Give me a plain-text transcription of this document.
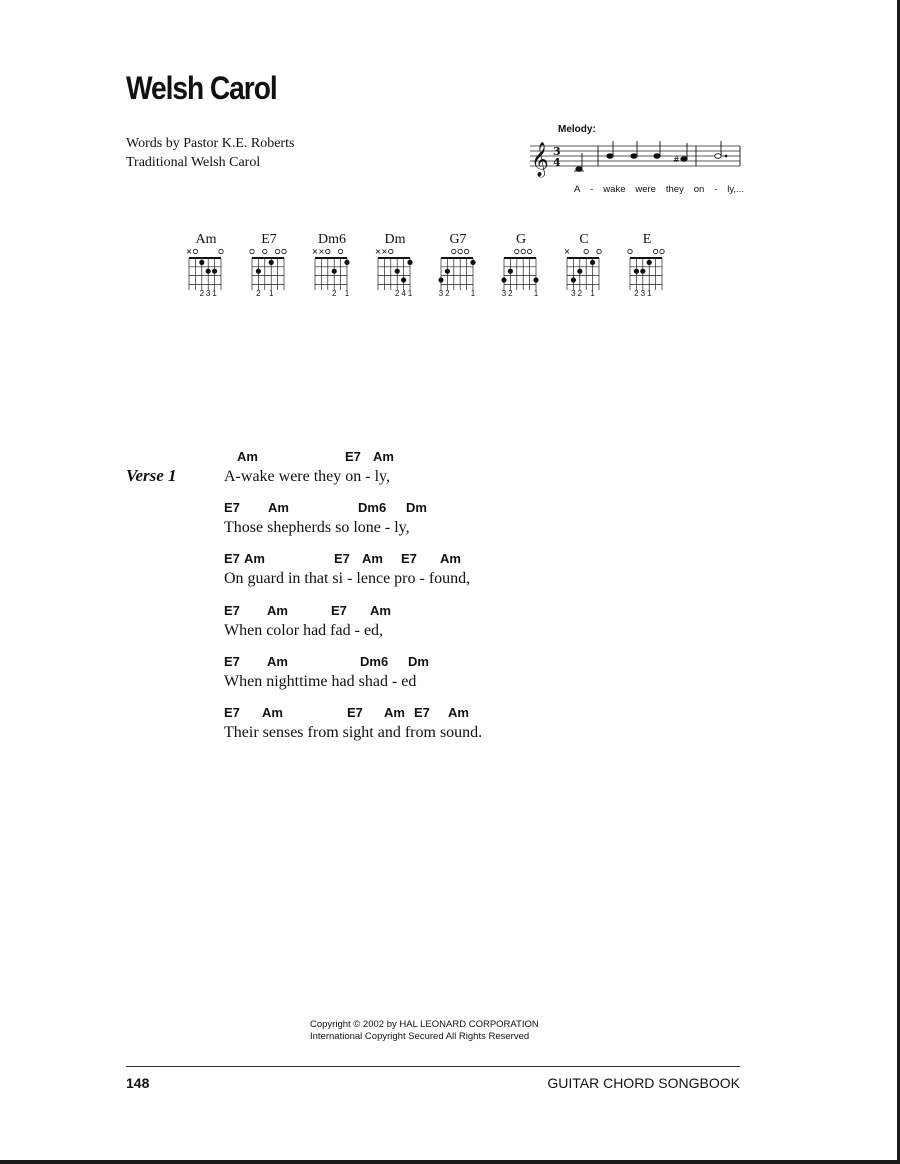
Welsh Carol
Words by Pastor K.E. Roberts
Traditional Welsh Carol
Melody:
𝄞 3
4	#
A - wake were they on - ly,...
Am
2 3 1
E7
2 1
Dm6
2 1
Dm
2 4 1
G7
3 2	1
G
3 2	1
C
3 2 1
E
2 3 1
Verse 1
Am	E7 Am
A-wake were they on - ly,
E7 Am	Dm6 Dm
Those shepherds so lone - ly,
E7 Am	E7 Am E7 Am
On guard in that si - lence pro - found,
E7 Am	E7 Am
When color had fad - ed,
E7 Am	Dm6 Dm
When nighttime had shad - ed
E7 Am	E7 Am E7 Am
Their senses from sight and from sound.
Copyright © 2002 by HAL LEONARD CORPORATION
International Copyright Secured All Rights Reserved
148	GUITAR CHORD SONGBOOK
